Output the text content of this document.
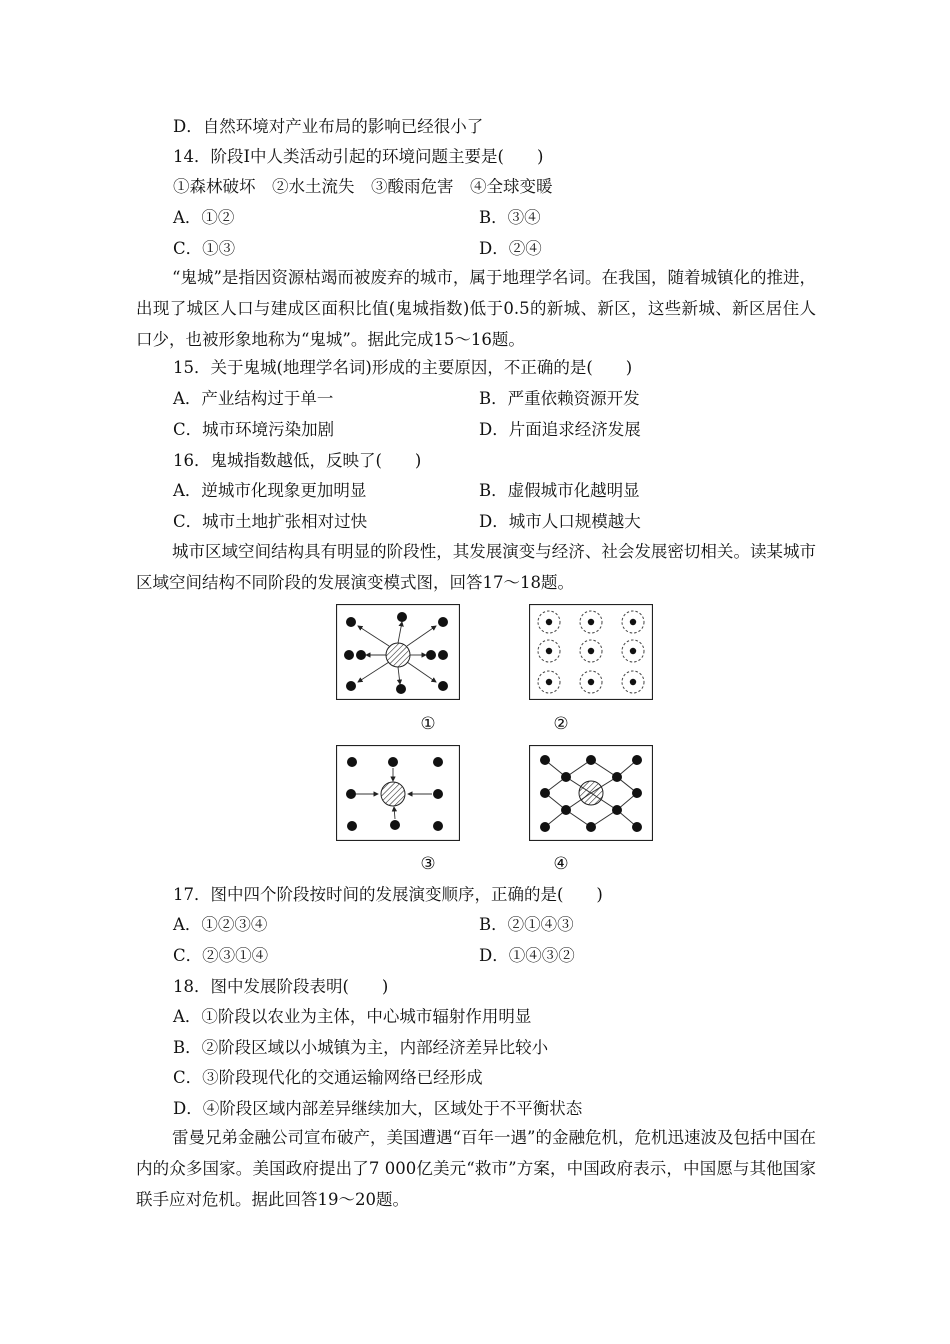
D．自然环境对产业布局的影响已经很小了
14．阶段Ⅰ中人类活动引起的环境问题主要是(　　)
①森林破坏　②水土流失　③酸雨危害　④全球变暖
A．①②	B．③④
C．①③	D．②④
“鬼城”是指因资源枯竭而被废弃的城市，属于地理学名词。在我国，随着城镇化的推进，出现了城区人口与建成区面积比值(鬼城指数)低于0.5的新城、新区，这些新城、新区居住人口少，也被形象地称为“鬼城”。据此完成15～16题。
15．关于鬼城(地理学名词)形成的主要原因，不正确的是(　　)
A．产业结构过于单一	B．严重依赖资源开发
C．城市环境污染加剧	D．片面追求经济发展
16．鬼城指数越低，反映了(　　)
A．逆城市化现象更加明显	B．虚假城市化越明显
C．城市土地扩张相对过快	D．城市人口规模越大
城市区域空间结构具有明显的阶段性，其发展演变与经济、社会发展密切相关。读某城市区域空间结构不同阶段的发展演变模式图，回答17～18题。
①	②
③	④
17．图中四个阶段按时间的发展演变顺序，正确的是(　　)
A．①②③④	B．②①④③
C．②③①④	D．①④③②
18．图中发展阶段表明(　　)
A．①阶段以农业为主体，中心城市辐射作用明显
B．②阶段区域以小城镇为主，内部经济差异比较小
C．③阶段现代化的交通运输网络已经形成
D．④阶段区域内部差异继续加大，区域处于不平衡状态
雷曼兄弟金融公司宣布破产，美国遭遇“百年一遇”的金融危机，危机迅速波及包括中国在内的众多国家。美国政府提出了7 000亿美元“救市”方案，中国政府表示，中国愿与其他国家联手应对危机。据此回答19～20题。
